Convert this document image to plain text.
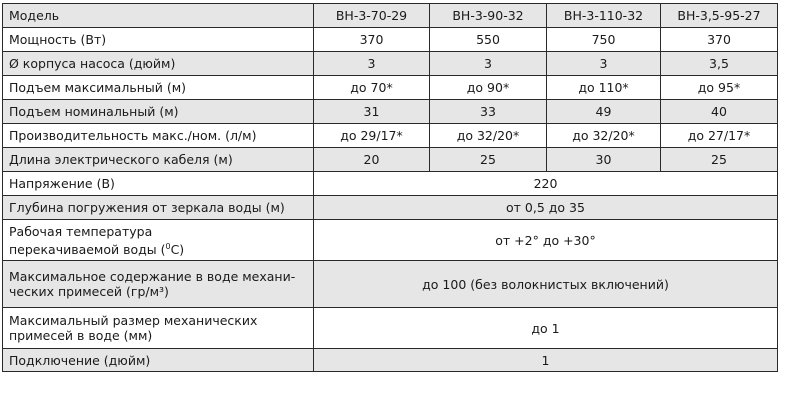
Модель	ВН-3-70-29	ВН-3-90-32	ВН-3-110-32	ВН-3,5-95-27
Мощность (Вт)	370	550	750	370
Ø корпуса насоса (дюйм)	3	3	3	3,5
Подъем максимальный (м)	до 70*	до 90*	до 110*	до 95*
Подъем номинальный (м)	31	33	49	40
Производительность макс./ном. (л/м)	до 29/17*	до 32/20*	до 32/20*	до 27/17*
Длина электрического кабеля (м)	20	25	30	25
Напряжение (В)	220			
Глубина погружения от зеркала воды (м)	от 0,5 до 35			
Рабочая температура
перекачиваемой воды ($^0$С)	от +2° до +30°			
Максимальное содержание в воде механи-
ческих примесей (гр/м³)	до 100 (без волокнистых включений)			
Максимальный размер механических
примесей в воде (мм)	до 1			
Подключение (дюйм)	1			
